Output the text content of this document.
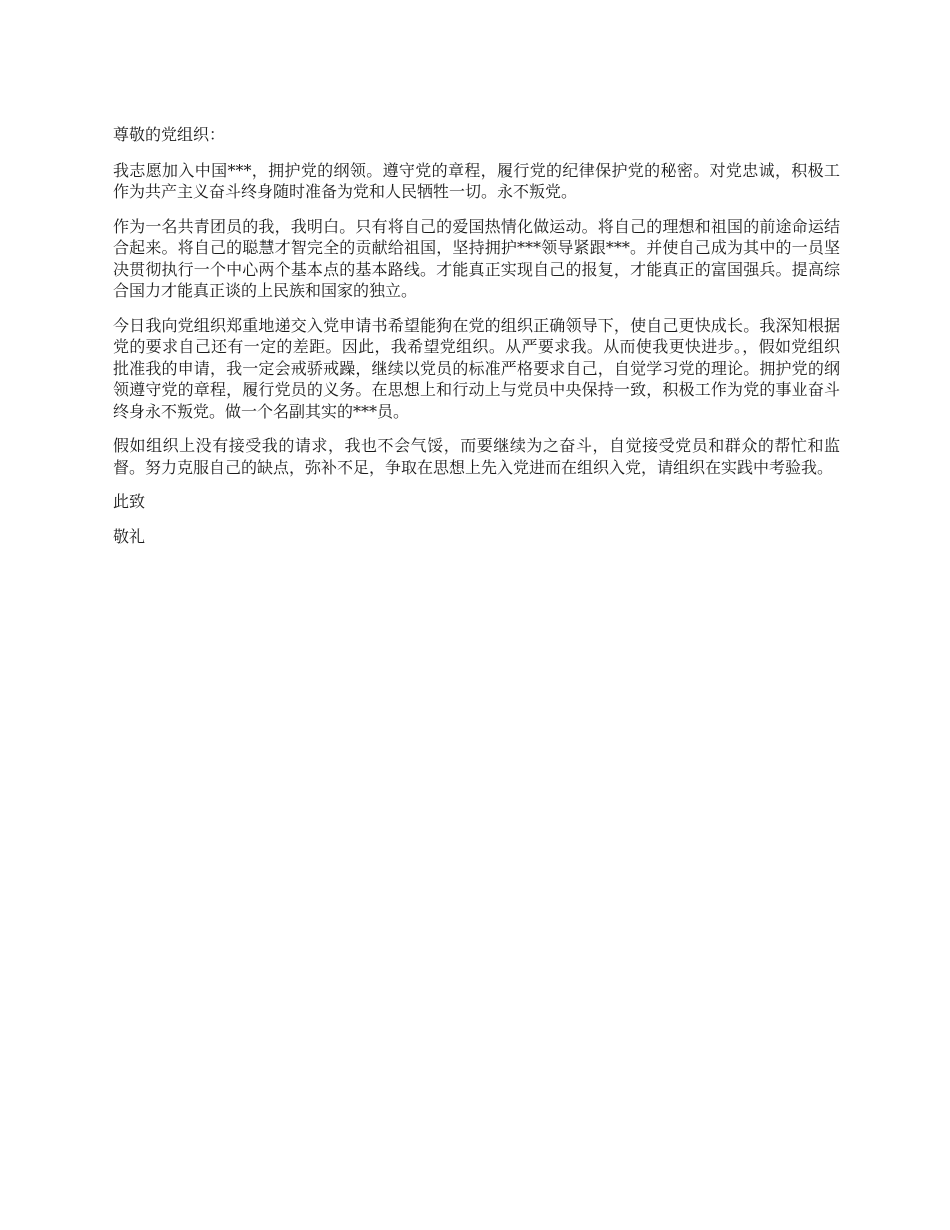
尊敬的党组织：

我志愿加入中国***，拥护党的纲领。遵守党的章程，履行党的纪律保护党的秘密。对党忠诚，积极工作为共产主义奋斗终身随时准备为党和人民牺牲一切。永不叛党。

作为一名共青团员的我，我明白。只有将自己的爱国热情化做运动。将自己的理想和祖国的前途命运结合起来。将自己的聪慧才智完全的贡献给祖国，坚持拥护***领导紧跟***。并使自己成为其中的一员坚决贯彻执行一个中心两个基本点的基本路线。才能真正实现自己的报复，才能真正的富国强兵。提高综合国力才能真正谈的上民族和国家的独立。

今日我向党组织郑重地递交入党申请书希望能狗在党的组织正确领导下，使自己更快成长。我深知根据党的要求自己还有一定的差距。因此，我希望党组织。从严要求我。从而使我更快进步。，假如党组织批准我的申请，我一定会戒骄戒躁，继续以党员的标准严格要求自己，自觉学习党的理论。拥护党的纲领遵守党的章程，履行党员的义务。在思想上和行动上与党员中央保持一致，积极工作为党的事业奋斗终身永不叛党。做一个名副其实的***员。

假如组织上没有接受我的请求，我也不会气馁，而要继续为之奋斗，自觉接受党员和群众的帮忙和监督。努力克服自己的缺点，弥补不足，争取在思想上先入党进而在组织入党，请组织在实践中考验我。

此致

敬礼
